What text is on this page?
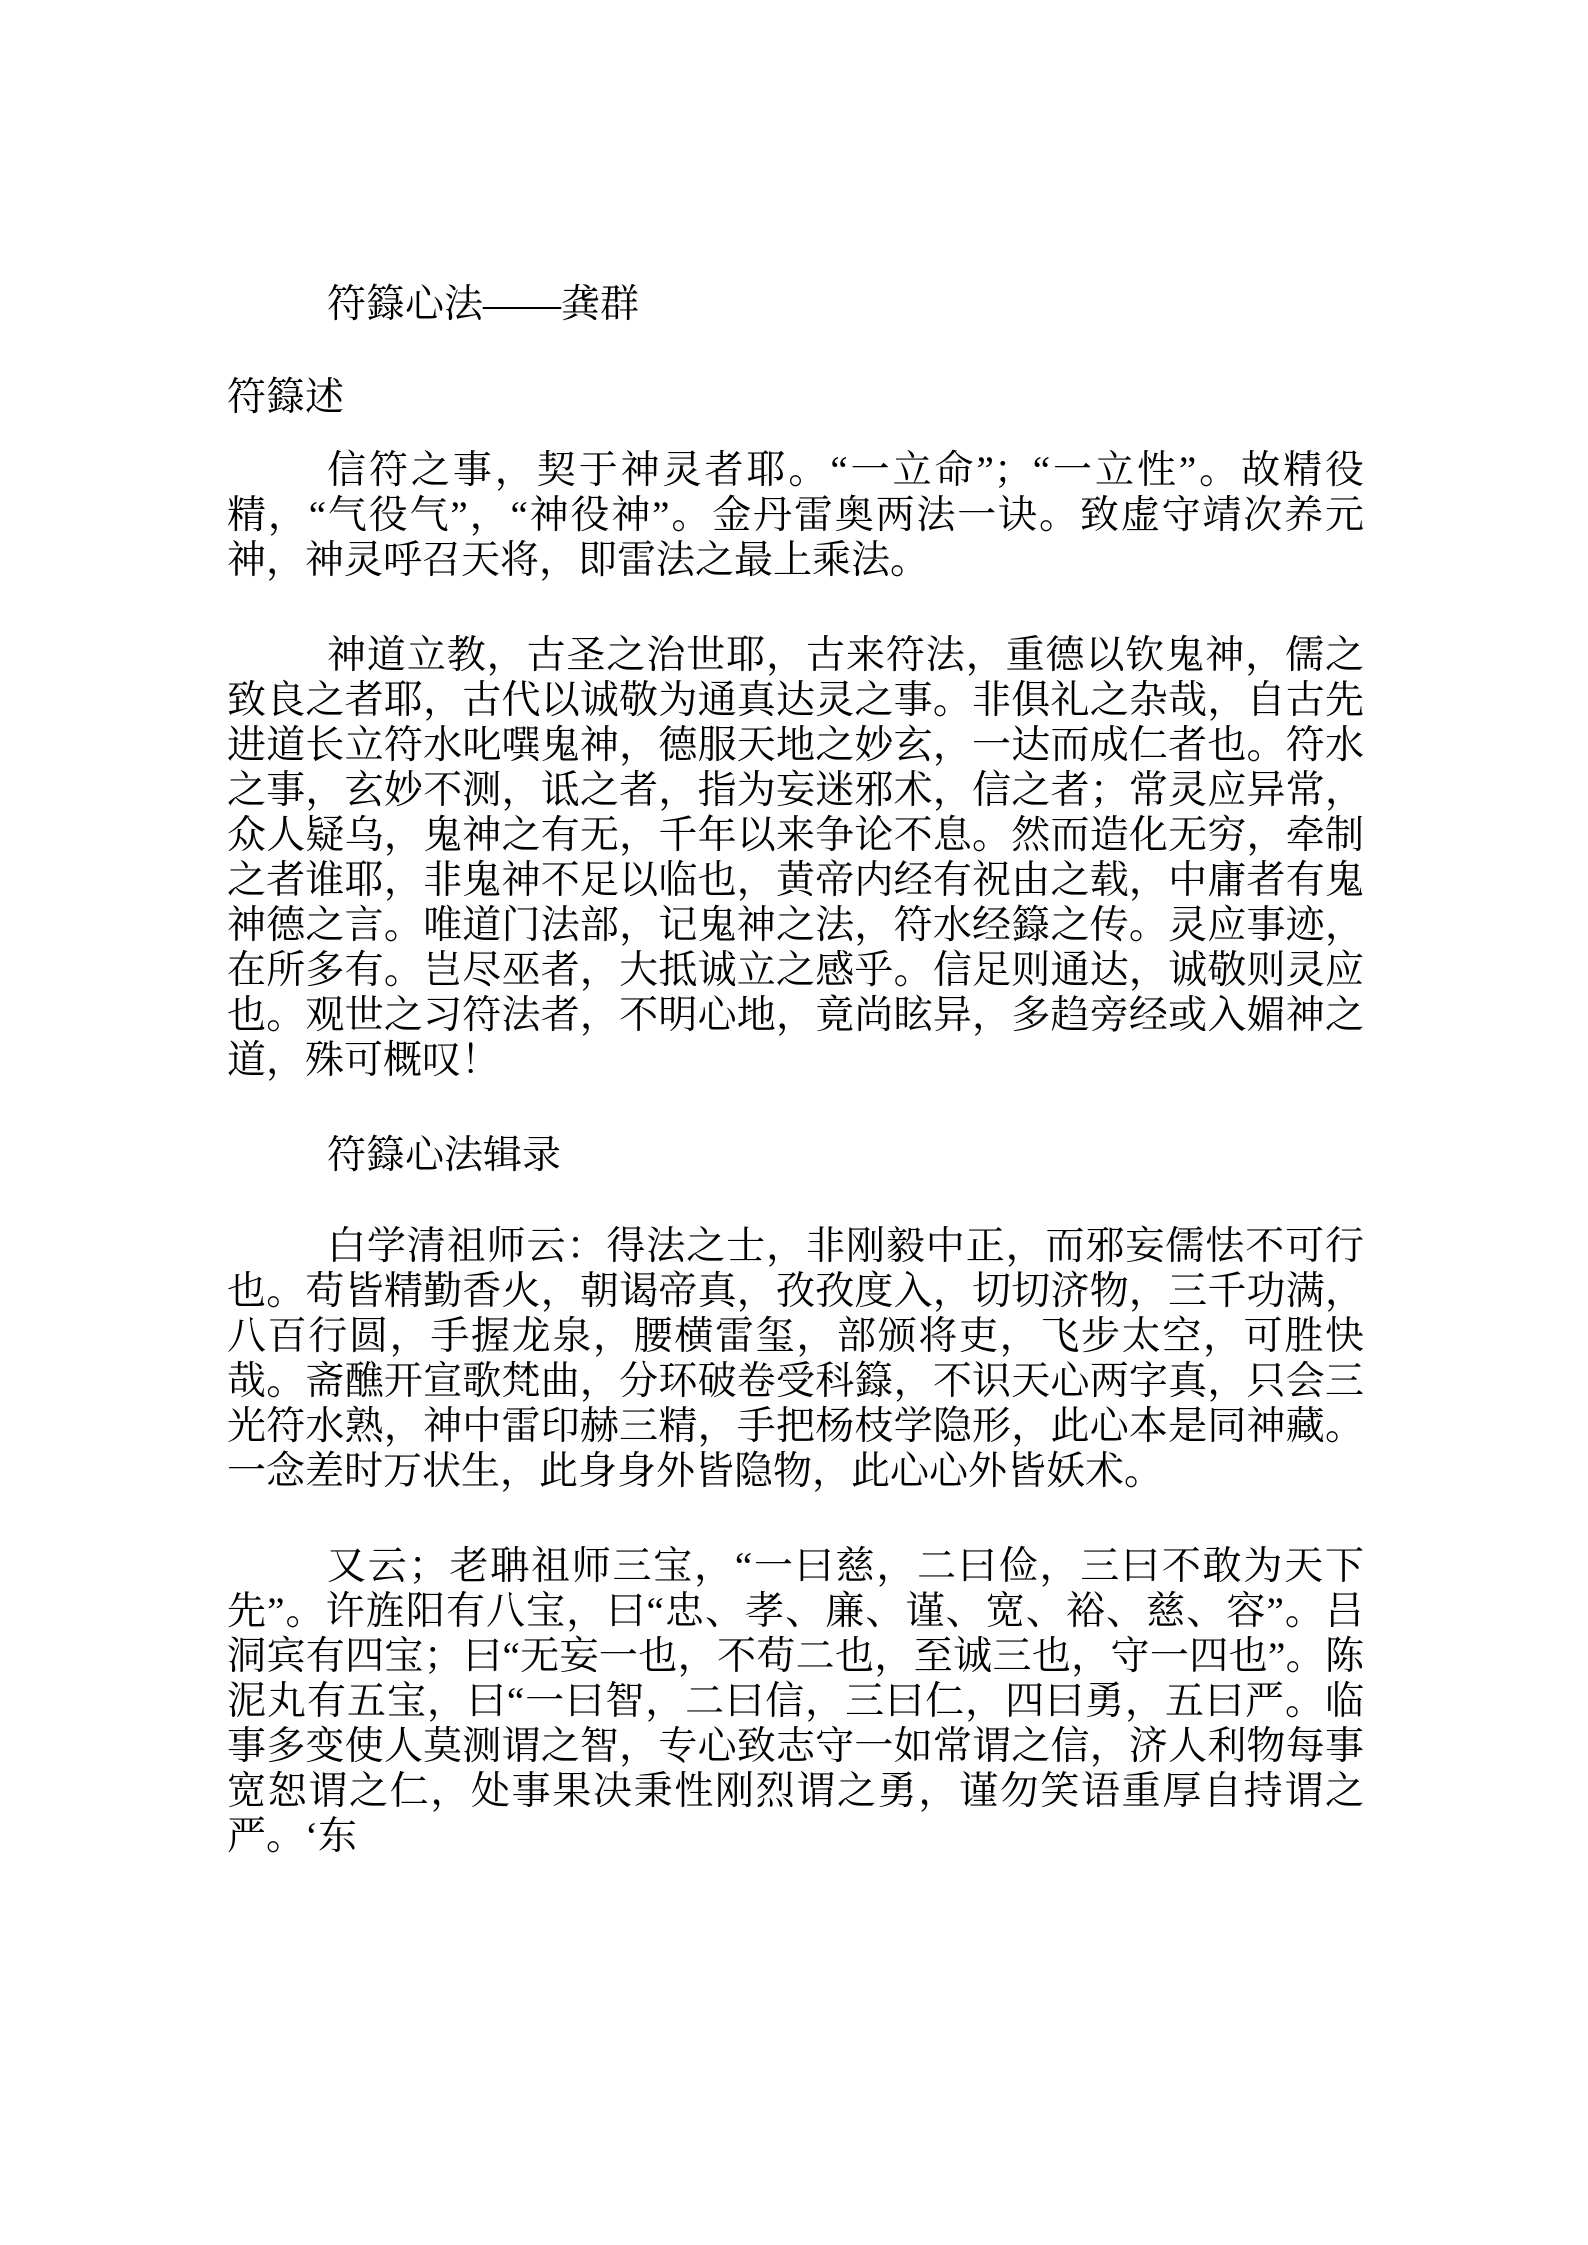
符籙心法——龚群

符籙述

信符之事，契于神灵者耶。“一立命”；“一立性”。故精役精，“气役气”，“神役神”。金丹雷奥两法一诀。致虚守靖次养元神，神灵呼召天将，即雷法之最上乘法。

神道立教，古圣之治世耶，古来符法，重德以钦鬼神，儒之致良之者耶，古代以诚敬为通真达灵之事。非俱礼之杂哉，自古先进道长立符水叱噀鬼神，德服天地之妙玄，一达而成仁者也。符水之事，玄妙不测，诋之者，指为妄迷邪术，信之者；常灵应异常，众人疑乌，鬼神之有无，千年以来争论不息。然而造化无穷，牵制之者谁耶，非鬼神不足以临也，黄帝内经有祝由之载，中庸者有鬼神德之言。唯道门法部，记鬼神之法，符水经籙之传。灵应事迹，在所多有。岂尽巫者，大抵诚立之感乎。信足则通达，诚敬则灵应也。观世之习符法者，不明心地，竟尚眩异，多趋旁经或入媚神之道，殊可概叹！

符籙心法辑录

白学清祖师云：得法之士，非刚毅中正，而邪妄儒怯不可行也。苟皆精勤香火，朝谒帝真，孜孜度入，切切济物，三千功满，八百行圆，手握龙泉，腰横雷玺，部颁将吏，飞步太空，可胜快哉。斋醮开宣歌梵曲，分环破卷受科籙，不识天心两字真，只会三光符水熟，神中雷印赫三精，手把杨枝学隐形，此心本是同神藏。一念差时万状生，此身身外皆隐物，此心心外皆妖术。

又云；老聃祖师三宝，“一曰慈，二曰俭，三曰不敢为天下先”。许旌阳有八宝，曰“忠、孝、廉、谨、宽、裕、慈、容”。吕洞宾有四宝；曰“无妄一也，不苟二也，至诚三也，守一四也”。陈泥丸有五宝，曰“一曰智，二曰信，三曰仁，四曰勇，五曰严。临事多变使人莫测谓之智，专心致志守一如常谓之信，济人利物每事宽恕谓之仁，处事果决秉性刚烈谓之勇，谨勿笑语重厚自持谓之严。‘东
